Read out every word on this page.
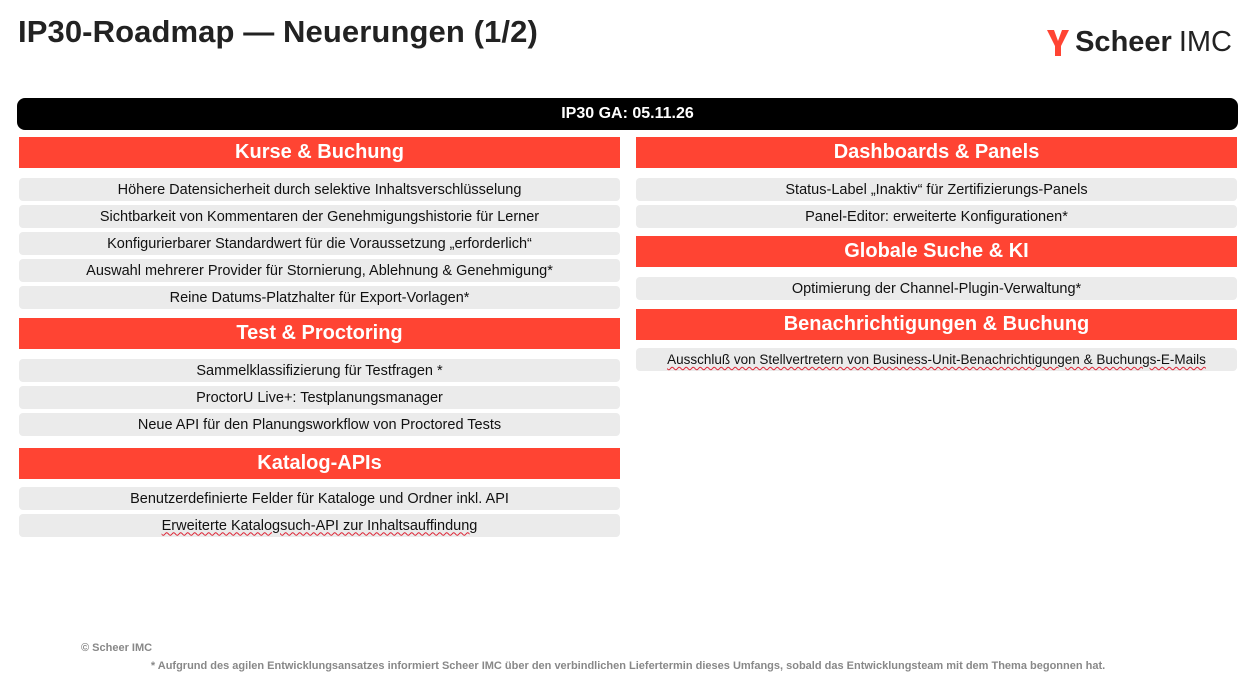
IP30-Roadmap — Neuerungen (1/2)	Scheer IMC
IP30 GA: 05.11.26
Kurse & Buchung
Höhere Datensicherheit durch selektive Inhaltsverschlüsselung
Sichtbarkeit von Kommentaren der Genehmigungshistorie für Lerner
Konfigurierbarer Standardwert für die Voraussetzung „erforderlich“
Auswahl mehrerer Provider für Stornierung, Ablehnung & Genehmigung*
Reine Datums-Platzhalter für Export-Vorlagen*
Test & Proctoring
Sammelklassifizierung für Testfragen *
ProctorU Live+: Testplanungsmanager
Neue API für den Planungsworkflow von Proctored Tests
Katalog-APIs
Benutzerdefinierte Felder für Kataloge und Ordner inkl. API
Erweiterte Katalogsuch-API zur Inhaltsauffindung
Dashboards & Panels
Status-Label „Inaktiv“ für Zertifizierungs-Panels
Panel-Editor: erweiterte Konfigurationen*
Globale Suche & KI
Optimierung der Channel-Plugin-Verwaltung*
Benachrichtigungen & Buchung
Ausschluß von Stellvertretern von Business-Unit-Benachrichtigungen & Buchungs-E-Mails
© Scheer IMC
* Aufgrund des agilen Entwicklungsansatzes informiert Scheer IMC über den verbindlichen Liefertermin dieses Umfangs, sobald das Entwicklungsteam mit dem Thema begonnen hat.
